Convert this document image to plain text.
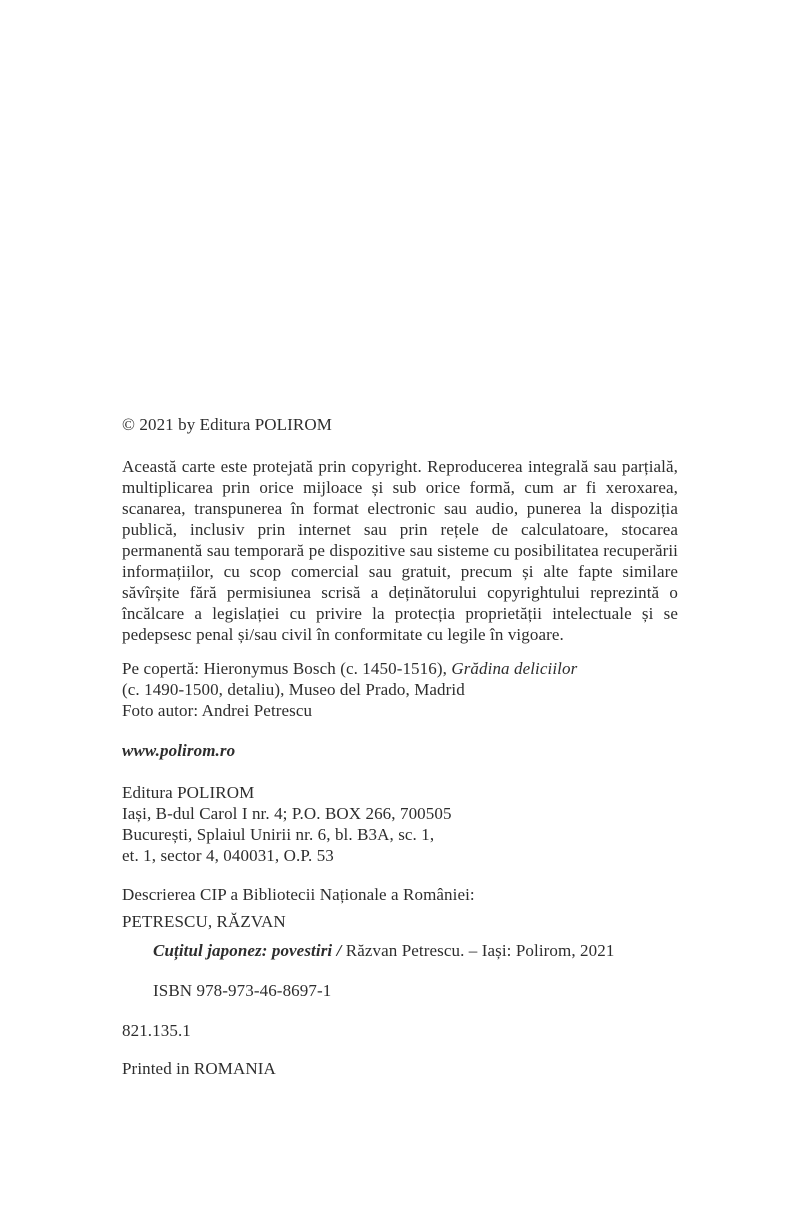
© 2021 by Editura POLIROM

Această carte este protejată prin copyright. Reproducerea integrală sau parțială, multiplicarea prin orice mijloace și sub orice formă, cum ar fi xeroxarea, scanarea, transpunerea în format electronic sau audio, punerea la dispoziția publică, inclusiv prin internet sau prin rețele de calculatoare, stocarea permanentă sau temporară pe dispozitive sau sisteme cu posibilitatea recuperării informațiilor, cu scop comercial sau gratuit, precum și alte fapte similare săvîrșite fără permisiunea scrisă a deținătorului copyrightului reprezintă o încălcare a legislației cu privire la protecția proprietății intelectuale și se pedepsesc penal și/sau civil în conformitate cu legile în vigoare.

Pe copertă: Hieronymus Bosch (c. 1450-1516), Grădina deliciilor
(c. 1490-1500, detaliu), Museo del Prado, Madrid

Foto autor: Andrei Petrescu

www.polirom.ro

Editura POLIROM
Iași, B-dul Carol I nr. 4; P.O. BOX 266, 700505
București, Splaiul Unirii nr. 6, bl. B3A, sc. 1,
et. 1, sector 4, 040031, O.P. 53

Descrierea CIP a Bibliotecii Naționale a României:

PETRESCU, RĂZVAN

Cuțitul japonez: povestiri / Răzvan Petrescu. – Iași: Polirom, 2021

ISBN 978-973-46-8697-1

821.135.1

Printed in ROMANIA
